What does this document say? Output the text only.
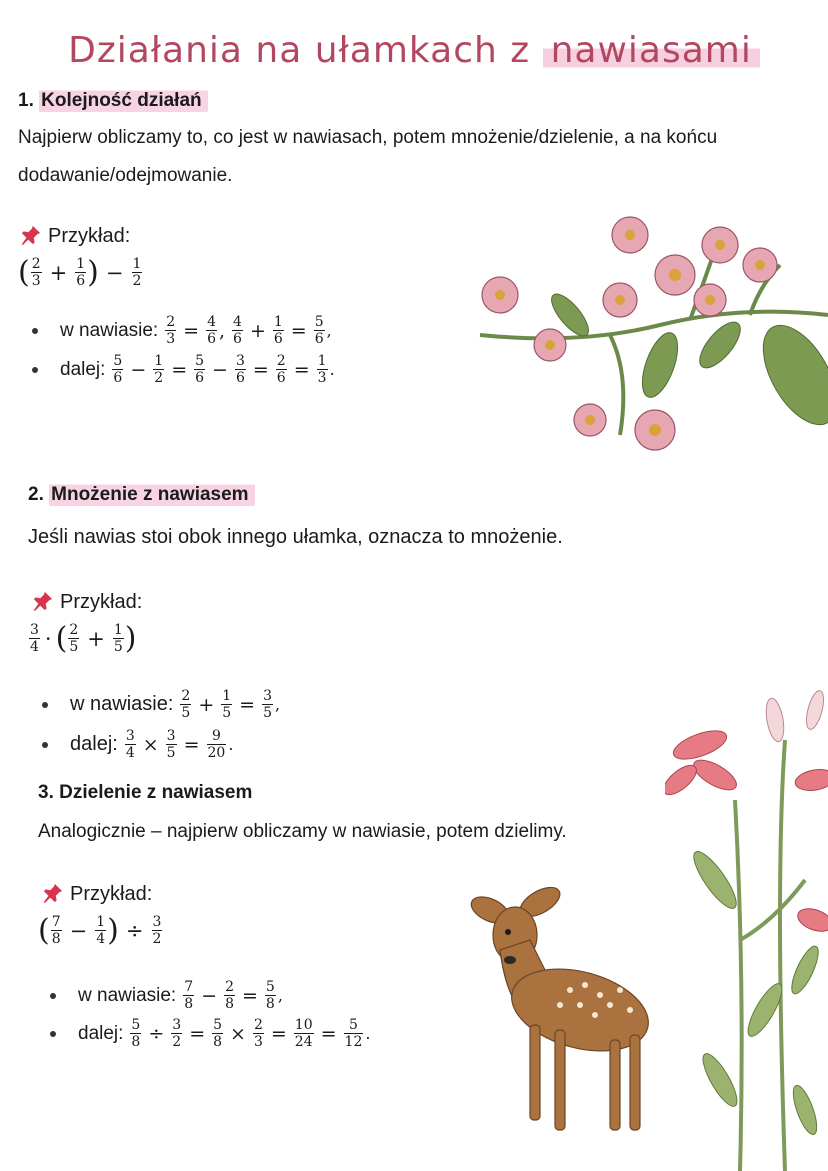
Działania na ułamkach z nawiasami
1. Kolejność działań
Najpierw obliczamy to, co jest w nawiasach, potem mnożenie/dzielenie, a na końcu
dodawanie/odejmowanie.
Przykład:
( $\frac{2}{3} + \frac{1}{6}$ ) − $\frac{1}{2}$
w nawiasie: $\frac{2}{3} = \frac{4}{6}$ , $\frac{4}{6} + \frac{1}{6} = \frac{5}{6}$ ,
dalej: $\frac{5}{6} - \frac{1}{2} = \frac{5}{6} - \frac{3}{6} = \frac{2}{6} = \frac{1}{3}$ .
2. Mnożenie z nawiasem
Jeśli nawias stoi obok innego ułamka, oznacza to mnożenie.
Przykład:
$\frac{3}{4}$ · ( $\frac{2}{5} + \frac{1}{5}$ )
w nawiasie: $\frac{2}{5} + \frac{1}{5} = \frac{3}{5}$ ,
dalej: $\frac{3}{4} \times \frac{3}{5} = \frac{9}{20}$ .
3. Dzielenie z nawiasem
Analogicznie – najpierw obliczamy w nawiasie, potem dzielimy.
Przykład:
( $\frac{7}{8} - \frac{1}{4}$ ) ÷ $\frac{3}{2}$
w nawiasie: $\frac{7}{8} - \frac{2}{8} = \frac{5}{8}$ ,
dalej: $\frac{5}{8} \div \frac{3}{2} = \frac{5}{8} \times \frac{2}{3} = \frac{10}{24} = \frac{5}{12}$ .
